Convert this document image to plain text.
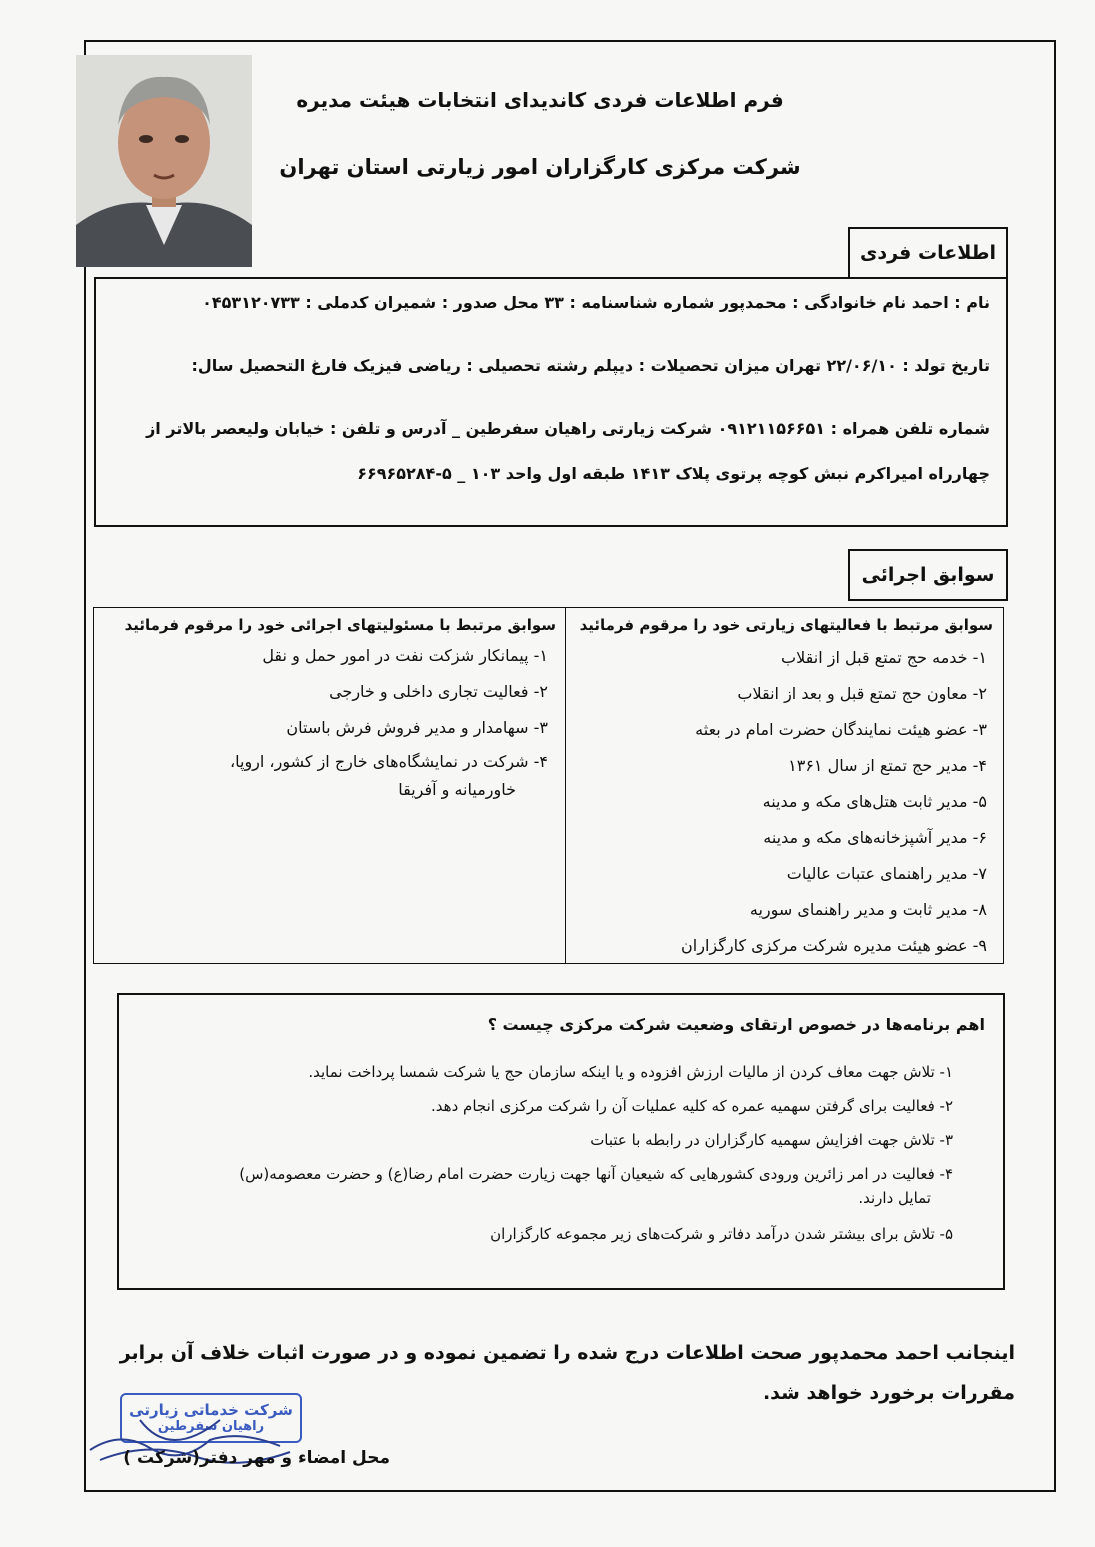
فرم اطلاعات فردی کاندیدای انتخابات هیئت مدیره
شرکت مرکزی کارگزاران امور زیارتی استان تهران
اطلاعات فردی
نام : احمد نام خانوادگی : محمدپور شماره شناسنامه : ۳۳ محل صدور : شمیران کدملی : ۰۴۵۳۱۲۰۷۳۳
تاریخ تولد : ۲۲/۰۶/۱۰ تهران میزان تحصیلات : دیپلم رشته تحصیلی : ریاضی فیزیک فارغ التحصیل سال:
شماره تلفن همراه : ۰۹۱۲۱۱۵۶۶۵۱ شرکت زیارتی راهیان سفرطین _ آدرس و تلفن : خیابان ولیعصر بالاتر از
چهارراه امیراکرم نبش کوچه پرتوی پلاک ۱۴۱۳ طبقه اول واحد ۱۰۳ _ ۵-۶۶۹۶۵۲۸۴
سوابق اجرائی
سوابق مرتبط با فعالیتهای زیارتی خود را مرقوم فرمائید
۱- خدمه حج تمتع قبل از انقلاب
۲- معاون حج تمتع قبل و بعد از انقلاب
۳- عضو هیئت نمایندگان حضرت امام در بعثه
۴- مدیر حج تمتع از سال ۱۳۶۱
۵- مدیر ثابت هتل‌های مکه و مدینه
۶- مدیر آشپزخانه‌های مکه و مدینه
۷- مدیر راهنمای عتبات عالیات
۸- مدیر ثابت و مدیر راهنمای سوریه
۹- عضو هیئت مدیره شرکت مرکزی کارگزاران
سوابق مرتبط با مسئولیتهای اجرائی خود را مرقوم فرمائید
۱- پیمانکار شزکت نفت در امور حمل و نقل
۲- فعالیت تجاری داخلی و خارجی
۳- سهامدار و مدیر فروش فرش باستان
۴- شرکت در نمایشگاه‌های خارج از کشور، اروپا،
خاورمیانه و آفریقا
اهم برنامه‌ها در خصوص ارتقای وضعیت شرکت مرکزی چیست ؟
۱- تلاش جهت معاف کردن از مالیات ارزش افزوده و یا اینکه سازمان حج یا شرکت شمسا پرداخت نماید.
۲- فعالیت برای گرفتن سهمیه عمره که کلیه عملیات آن را شرکت مرکزی انجام دهد.
۳- تلاش جهت افزایش سهمیه کارگزاران در رابطه با عتبات
۴- فعالیت در امر زائرین ورودی کشورهایی که شیعیان آنها جهت زیارت حضرت امام رضا(ع) و حضرت معصومه(س)
تمایل دارند.
۵- تلاش برای بیشتر شدن درآمد دفاتر و شرکت‌های زیر مجموعه کارگزاران
اینجانب احمد محمدپور صحت اطلاعات درج شده را تضمین نموده و در صورت اثبات خلاف آن برابر
مقررات برخورد خواهد شد.
شرکت خدماتی زیارتی
راهیان سفرطین
محل امضاء و مهر دفتر(شرکت )
